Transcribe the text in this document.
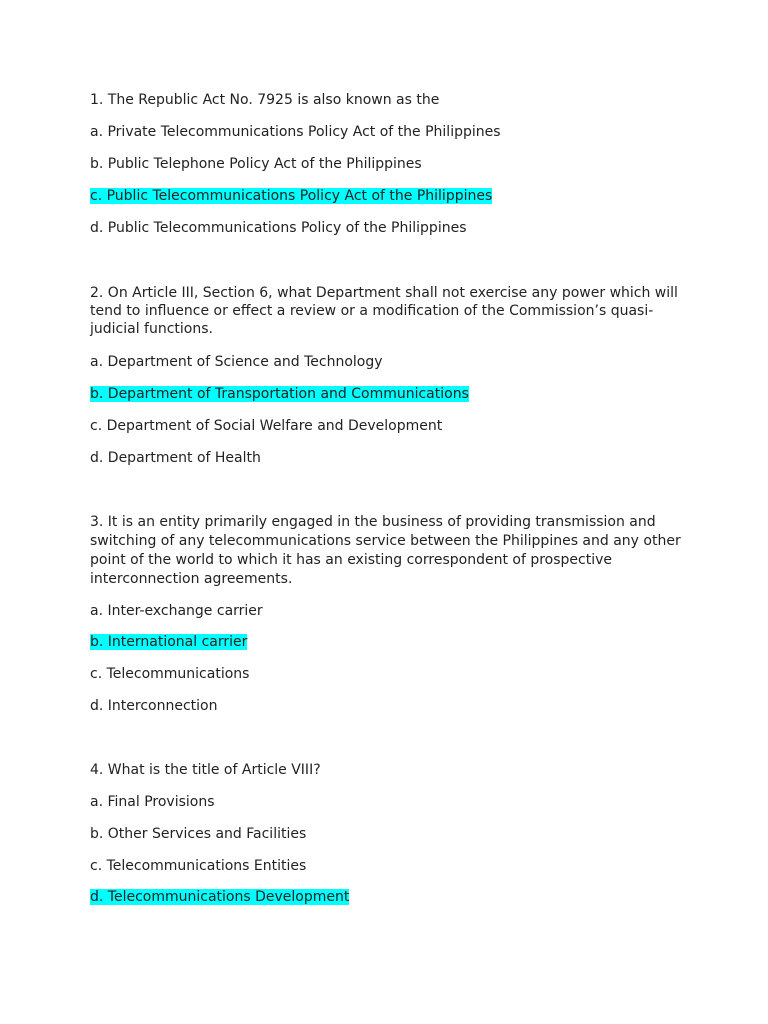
1. The Republic Act No. 7925 is also known as the
a. Private Telecommunications Policy Act of the Philippines
b. Public Telephone Policy Act of the Philippines
c. Public Telecommunications Policy Act of the Philippines
d. Public Telecommunications Policy of the Philippines
2. On Article III, Section 6, what Department shall not exercise any power which will
tend to influence or effect a review or a modification of the Commission’s quasi-
judicial functions.
a. Department of Science and Technology
b. Department of Transportation and Communications
c. Department of Social Welfare and Development
d. Department of Health
3. It is an entity primarily engaged in the business of providing transmission and
switching of any telecommunications service between the Philippines and any other
point of the world to which it has an existing correspondent of prospective
interconnection agreements.
a. Inter-exchange carrier
b. International carrier
c. Telecommunications
d. Interconnection
4. What is the title of Article VIII?
a. Final Provisions
b. Other Services and Facilities
c. Telecommunications Entities
d. Telecommunications Development
